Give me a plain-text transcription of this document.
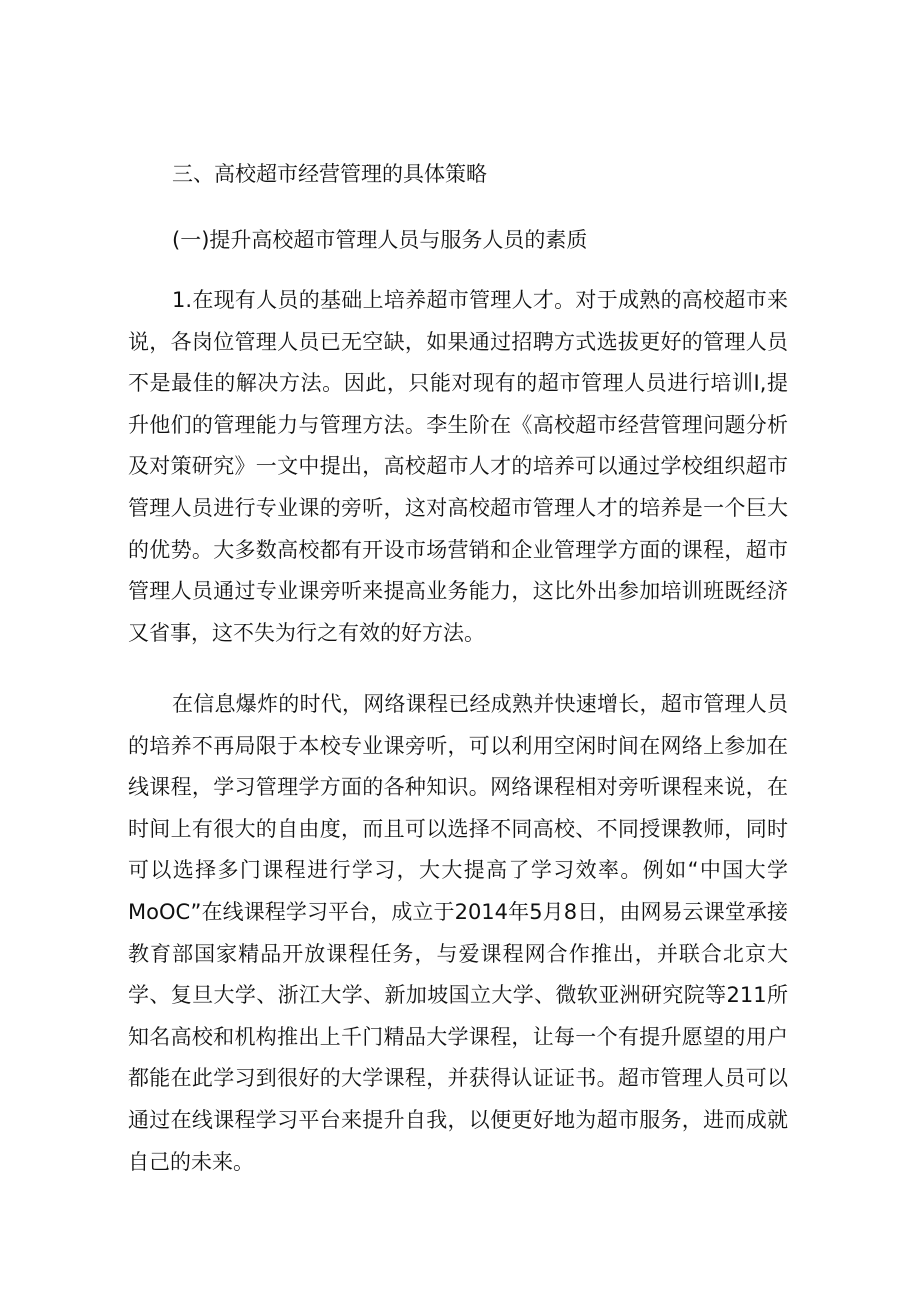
三、高校超市经营管理的具体策略
(一)提升高校超市管理人员与服务人员的素质

1.在现有人员的基础上培养超市管理人才。对于成熟的高校超市来说，各岗位管理人员已无空缺，如果通过招聘方式选拔更好的管理人员不是最佳的解决方法。因此，只能对现有的超市管理人员进行培训I,提升他们的管理能力与管理方法。李生阶在《高校超市经营管理问题分析及对策研究》一文中提出，高校超市人才的培养可以通过学校组织超市管理人员进行专业课的旁听，这对高校超市管理人才的培养是一个巨大的优势。大多数高校都有开设市场营销和企业管理学方面的课程，超市管理人员通过专业课旁听来提高业务能力，这比外出参加培训班既经济又省事，这不失为行之有效的好方法。

在信息爆炸的时代，网络课程已经成熟并快速增长，超市管理人员的培养不再局限于本校专业课旁听，可以利用空闲时间在网络上参加在线课程，学习管理学方面的各种知识。网络课程相对旁听课程来说，在时间上有很大的自由度，而且可以选择不同高校、不同授课教师，同时可以选择多门课程进行学习，大大提高了学习效率。例如“中国大学MoOC”在线课程学习平台，成立于2014年5月8日，由网易云课堂承接教育部国家精品开放课程任务，与爱课程网合作推出，并联合北京大学、复旦大学、浙江大学、新加坡国立大学、微软亚洲研究院等211所知名高校和机构推出上千门精品大学课程，让每一个有提升愿望的用户都能在此学习到很好的大学课程，并获得认证证书。超市管理人员可以通过在线课程学习平台来提升自我，以便更好地为超市服务，进而成就自己的未来。
